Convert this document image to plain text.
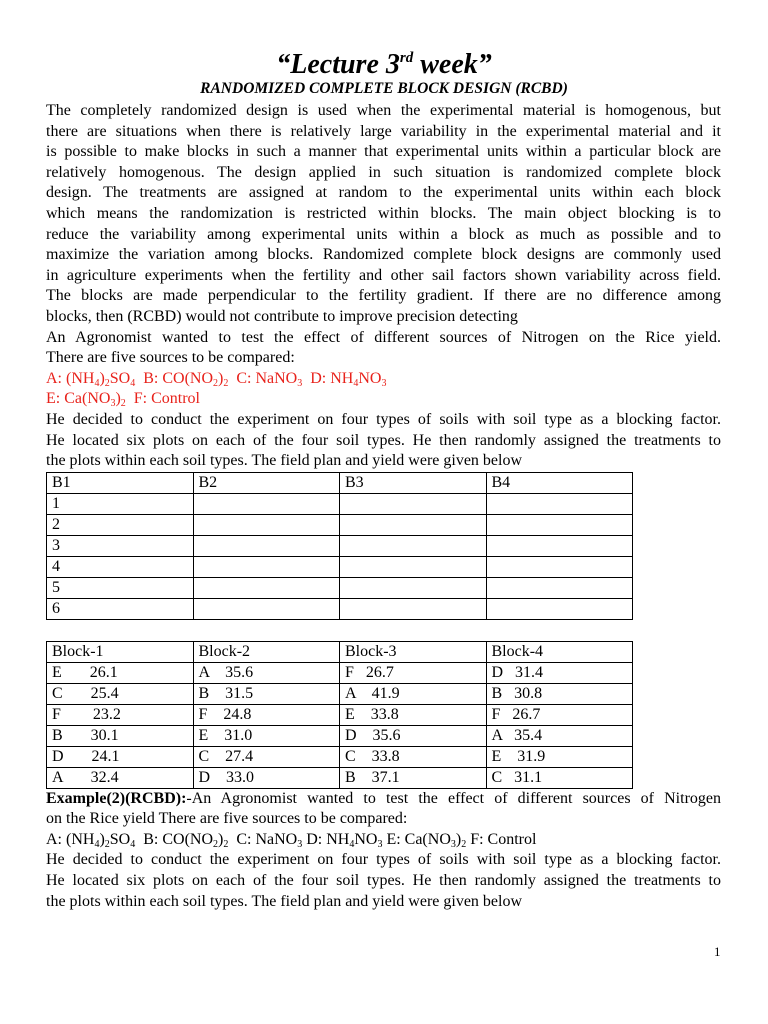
“Lecture 3rd week”
RANDOMIZED COMPLETE BLOCK DESIGN (RCBD)

The completely randomized design is used when the experimental material is homogenous, but

there are situations when there is relatively large variability in the experimental material and it

is possible to make blocks in such a manner that experimental units within a particular block are

relatively homogenous. The design applied in such situation is randomized complete block

design. The treatments are assigned at random to the experimental units within each block

which means the randomization is restricted within blocks. The main object blocking is to

reduce the variability among experimental units within a block as much as possible and to

maximize the variation among blocks. Randomized complete block designs are commonly used

in agriculture experiments when the fertility and other sail factors shown variability across field.

The blocks are made perpendicular to the fertility gradient. If there are no difference among

blocks, then (RCBD) would not contribute to improve precision detecting

An Agronomist wanted to test the effect of different sources of Nitrogen on the Rice yield.

There are five sources to be compared:

A: $(NH_4)_2SO_4$  B: $CO(NO_2)_2$  C: NaNO$_3$  D: $NH_4NO_3$

E: $Ca(NO_3)_2$  F: Control

He decided to conduct the experiment on four types of soils with soil type as a blocking factor.

He located six plots on each of the four soil types. He then randomly assigned the treatments to

the plots within each soil types. The field plan and yield were given below

B1	B2	B3	B4
1			
2			
3			
4			
5			
6			
Block-1	Block-2	Block-3	Block-4
E       26.1	A    35.6	F   26.7	D   31.4
C       25.4	B    31.5	A    41.9	B   30.8
F        23.2	F    24.8	E    33.8	F   26.7
B       30.1	E    31.0	D    35.6	A   35.4
D       24.1	C    27.4	C    33.8	E    31.9
A       32.4	D    33.0	B    37.1	C   31.1

Example(2)(RCBD):-An Agronomist wanted to test the effect of different sources of Nitrogen

on the Rice yield There are five sources to be compared:

A: $(NH_4)_2SO_4$  B: $CO(NO_2)_2$  C: NaNO$_3$ D: $NH_4NO_3$ E: $Ca(NO_3)_2$ F: Control

He decided to conduct the experiment on four types of soils with soil type as a blocking factor.

He located six plots on each of the four soil types. He then randomly assigned the treatments to

the plots within each soil types. The field plan and yield were given below

1
